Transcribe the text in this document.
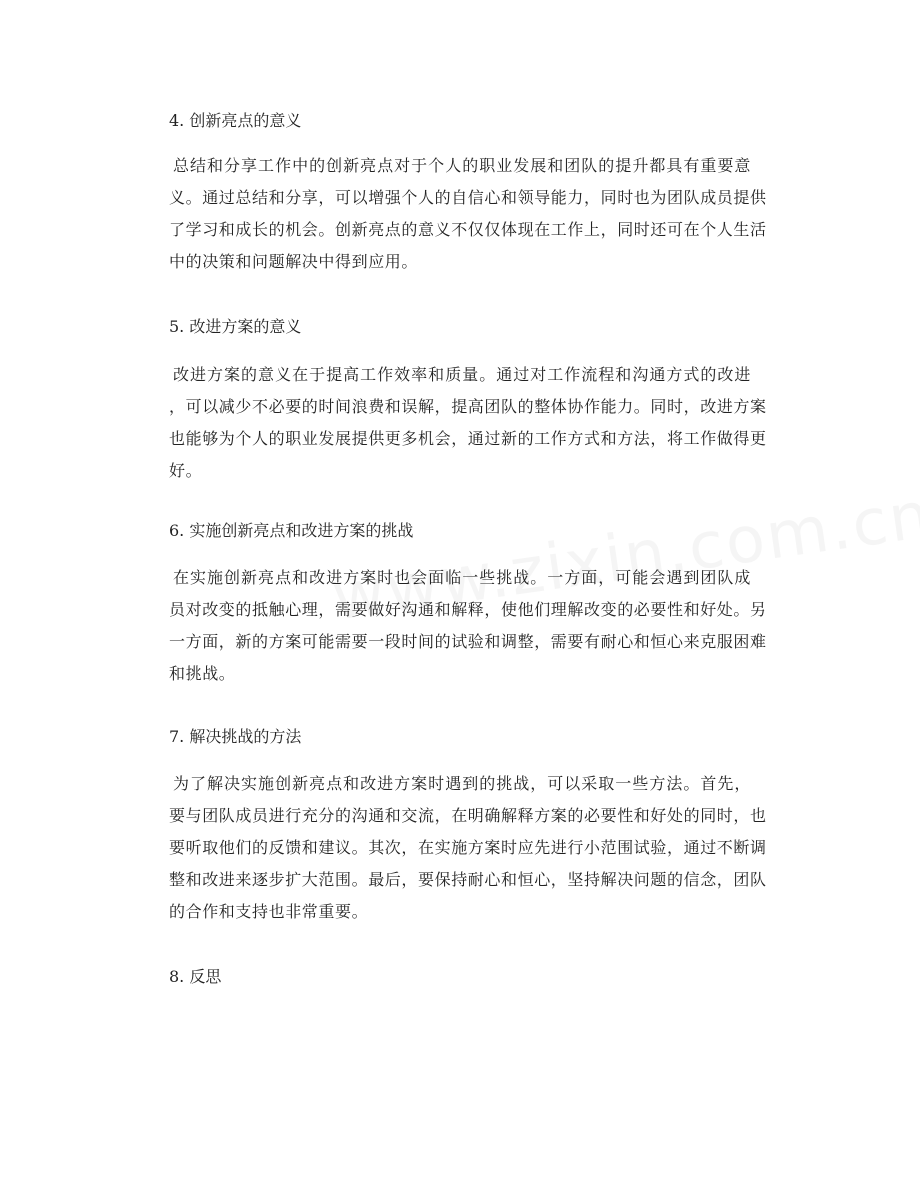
4. 创新亮点的意义
总结和分享工作中的创新亮点对于个人的职业发展和团队的提升都具有重要意
义。通过总结和分享，可以增强个人的自信心和领导能力，同时也为团队成员提供
了学习和成长的机会。创新亮点的意义不仅仅体现在工作上，同时还可在个人生活
中的决策和问题解决中得到应用。
5. 改进方案的意义
改进方案的意义在于提高工作效率和质量。通过对工作流程和沟通方式的改进
，可以减少不必要的时间浪费和误解，提高团队的整体协作能力。同时，改进方案
也能够为个人的职业发展提供更多机会，通过新的工作方式和方法，将工作做得更
好。
6. 实施创新亮点和改进方案的挑战
在实施创新亮点和改进方案时也会面临一些挑战。一方面，可能会遇到团队成
员对改变的抵触心理，需要做好沟通和解释，使他们理解改变的必要性和好处。另
一方面，新的方案可能需要一段时间的试验和调整，需要有耐心和恒心来克服困难
和挑战。
7. 解决挑战的方法
为了解决实施创新亮点和改进方案时遇到的挑战，可以采取一些方法。首先，
要与团队成员进行充分的沟通和交流，在明确解释方案的必要性和好处的同时，也
要听取他们的反馈和建议。其次，在实施方案时应先进行小范围试验，通过不断调
整和改进来逐步扩大范围。最后，要保持耐心和恒心，坚持解决问题的信念，团队
的合作和支持也非常重要。
8. 反思
